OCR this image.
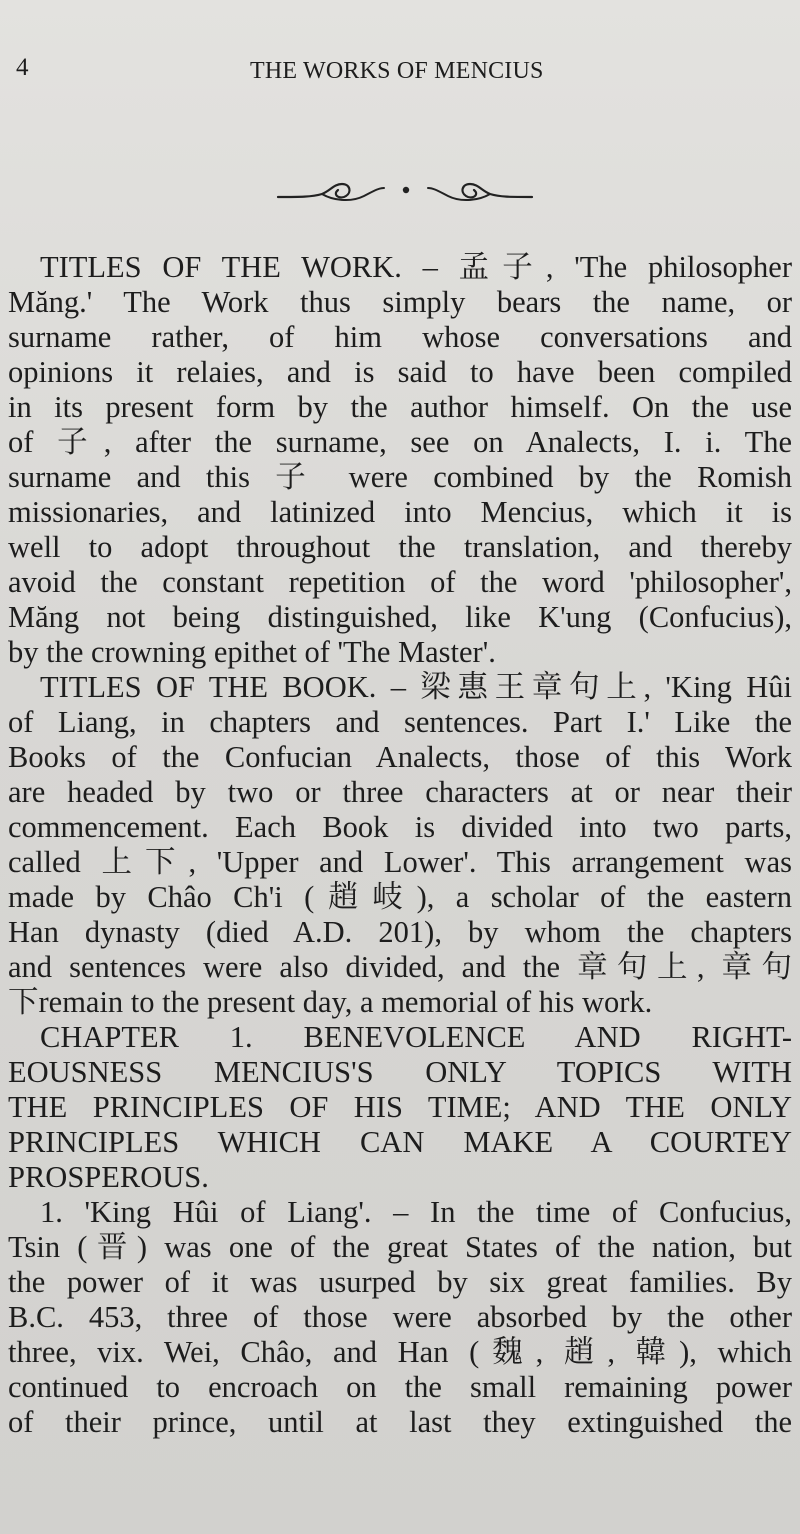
4	THE WORKS OF MENCIUS
TITLES OF THE WORK. – 孟子, 'The philosopher
Măng.' The Work thus simply bears the name, or
surname rather, of him whose conversations and
opinions it relaies, and is said to have been compiled
in its present form by the author himself. On the use
of 子, after the surname, see on Analects, I. i. The
surname and this 子 were combined by the Romish
missionaries, and latinized into Mencius, which it is
well to adopt throughout the translation, and thereby
avoid the constant repetition of the word 'philosopher',
Măng not being distinguished, like K'ung (Confucius),
by the crowning epithet of 'The Master'.
TITLES OF THE BOOK. – 梁惠王章句上, 'King Hûi
of Liang, in chapters and sentences. Part I.' Like the
Books of the Confucian Analects, those of this Work
are headed by two or three characters at or near their
commencement. Each Book is divided into two parts,
called 上下, 'Upper and Lower'. This arrangement was
made by Châo Ch'i (趙岐), a scholar of the eastern
Han dynasty (died A.D. 201), by whom the chapters
and sentences were also divided, and the 章句上, 章句
下remain to the present day, a memorial of his work.
CHAPTER 1. BENEVOLENCE AND RIGHT-
EOUSNESS MENCIUS'S ONLY TOPICS WITH
THE PRINCIPLES OF HIS TIME; AND THE ONLY
PRINCIPLES WHICH CAN MAKE A COURTEY
PROSPEROUS.
1. 'King Hûi of Liang'. – In the time of Confucius,
Tsin (晋) was one of the great States of the nation, but
the power of it was usurped by six great families. By
B.C. 453, three of those were absorbed by the other
three, vix. Wei, Châo, and Han (魏, 趙, 韓), which
continued to encroach on the small remaining power
of their prince, until at last they extinguished the
